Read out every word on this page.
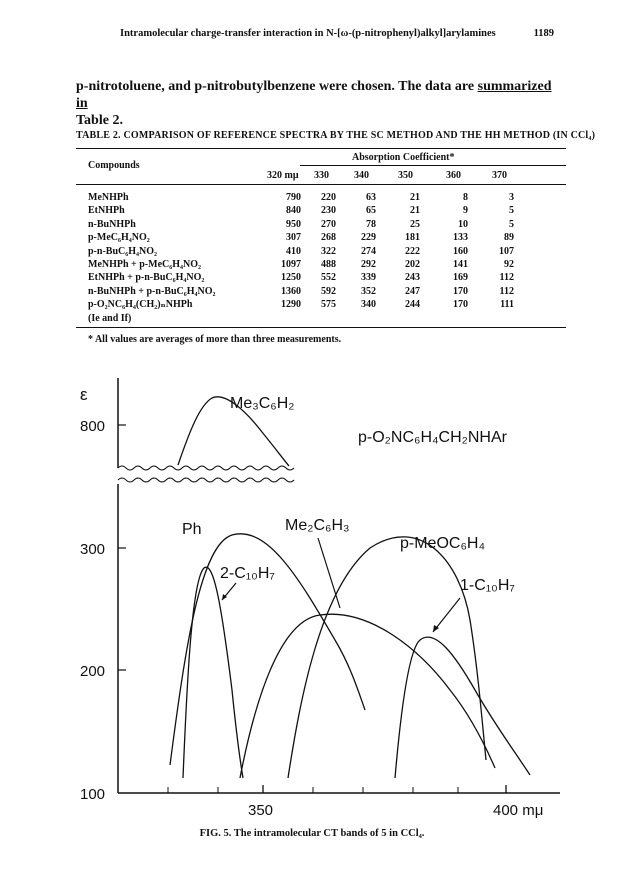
Intramolecular charge-transfer interaction in N-[ω-(p-nitrophenyl)alkyl]arylamines	1189
p-nitrotoluene, and p-nitrobutylbenzene were chosen. The data are summarized in
Table 2.
TABLE 2. COMPARISON OF REFERENCE SPECTRA BY THE SC METHOD AND THE HH METHOD (IN CCl₄)
Compounds
Absorption Coefficient*
320 mμ 330	340	350	360	370
MeNHPh	790	220	63	21	8	3
EtNHPh	840	230	65	21	9	5
n-BuNHPh	950	270	78	25	10	5
p-MeC₆H₄NO₂	307	268	229	181	133	89
p-n-BuC₆H₄NO₂	410	322	274	222	160	107
MeNHPh + p-MeC₆H₄NO₂	1097	488	292	202	141	92
EtNHPh + p-n-BuC₆H₄NO₂	1250	552	339	243	169	112
n-BuNHPh + p-n-BuC₆H₄NO₂	1360	592	352	247	170	112
p-O₂NC₆H₄(CH₂)ₙNHPh	1290	575	340	244	170	111
(Ie and If)
* All values are averages of more than three measurements.
ε
800
300
200
100
350	400 mμ
Me₃C₆H₂
p-O₂NC₆H₄CH₂NHAr
Ph
2-C₁₀H₇
Me₂C₆H₃
p-MeOC₆H₄
1-C₁₀H₇
FIG. 5. The intramolecular CT bands of 5 in CCl₄.
